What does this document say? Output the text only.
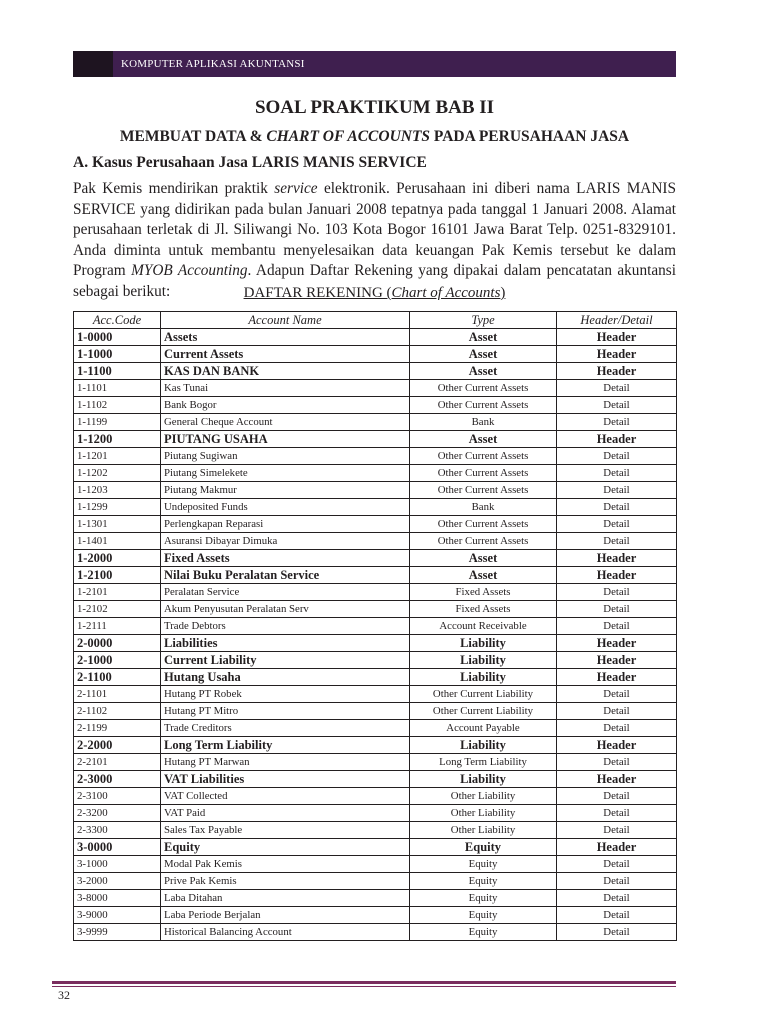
KOMPUTER APLIKASI AKUNTANSI
SOAL PRAKTIKUM BAB II
MEMBUAT DATA & CHART OF ACCOUNTS PADA PERUSAHAAN JASA
A. Kasus Perusahaan Jasa LARIS MANIS SERVICE

Pak Kemis mendirikan praktik service elektronik. Perusahaan ini diberi nama LARIS MANIS SERVICE yang didirikan pada bulan Januari 2008 tepatnya pada tanggal 1 Januari 2008. Alamat perusahaan terletak di Jl. Siliwangi No. 103 Kota Bogor 16101 Jawa Barat Telp. 0251-8329101. Anda diminta untuk membantu menyelesaikan data keuangan Pak Kemis tersebut ke dalam Program MYOB Accounting. Adapun Daftar Rekening yang dipakai dalam pencatatan akuntansi sebagai berikut:	DAFTAR REKENING (Chart of Accounts)
Acc.Code	Account Name	Type	Header/Detail
1-0000	Assets	Asset	Header
1-1000	Current Assets	Asset	Header
1-1100	KAS DAN BANK	Asset	Header
1-1101	Kas Tunai	Other Current Assets	Detail
1-1102	Bank Bogor	Other Current Assets	Detail
1-1199	General Cheque Account	Bank	Detail
1-1200	PIUTANG USAHA	Asset	Header
1-1201	Piutang Sugiwan	Other Current Assets	Detail
1-1202	Piutang Simelekete	Other Current Assets	Detail
1-1203	Piutang Makmur	Other Current Assets	Detail
1-1299	Undeposited Funds	Bank	Detail
1-1301	Perlengkapan Reparasi	Other Current Assets	Detail
1-1401	Asuransi Dibayar Dimuka	Other Current Assets	Detail
1-2000	Fixed Assets	Asset	Header
1-2100	Nilai Buku Peralatan Service	Asset	Header
1-2101	Peralatan Service	Fixed Assets	Detail
1-2102	Akum Penyusutan Peralatan Serv	Fixed Assets	Detail
1-2111	Trade Debtors	Account Receivable	Detail
2-0000	Liabilities	Liability	Header
2-1000	Current Liability	Liability	Header
2-1100	Hutang Usaha	Liability	Header
2-1101	Hutang PT Robek	Other Current Liability	Detail
2-1102	Hutang PT Mitro	Other Current Liability	Detail
2-1199	Trade Creditors	Account Payable	Detail
2-2000	Long Term Liability	Liability	Header
2-2101	Hutang PT Marwan	Long Term Liability	Detail
2-3000	VAT Liabilities	Liability	Header
2-3100	VAT Collected	Other Liability	Detail
2-3200	VAT Paid	Other Liability	Detail
2-3300	Sales Tax Payable	Other Liability	Detail
3-0000	Equity	Equity	Header
3-1000	Modal Pak Kemis	Equity	Detail
3-2000	Prive Pak Kemis	Equity	Detail
3-8000	Laba Ditahan	Equity	Detail
3-9000	Laba Periode Berjalan	Equity	Detail
3-9999	Historical Balancing Account	Equity	Detail
32
